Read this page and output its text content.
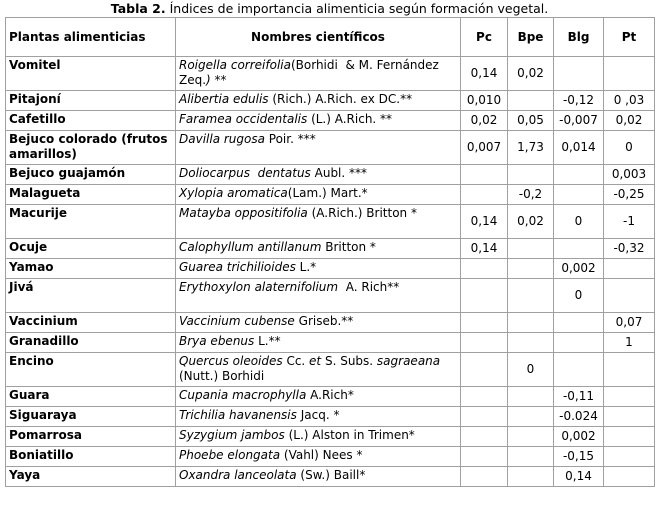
Tabla 2. Índices de importancia alimenticia según formación vegetal.
Plantas alimenticias	Nombres científicos	Pc	Bpe	Blg	Pt
Vomitel	Roigella correifolia(Borhidi  & M. Fernández Zeq.) **	0,14	0,02		
Pitajoní	Alibertia edulis (Rich.) A.Rich. ex DC.**	0,010		-0,12	0 ,03
Cafetillo	Faramea occidentalis (L.) A.Rich. **	0,02	0,05	-0,007	0,02
Bejuco colorado (frutos amarillos)	Davilla rugosa Poir. ***	0,007	1,73	0,014	0
Bejuco guajamón	Doliocarpus  dentatus Aubl. ***				0,003
Malagueta	Xylopia aromatica(Lam.) Mart.*		-0,2		-0,25
Macurije	Matayba oppositifolia (A.Rich.) Britton *	0,14	0,02	0	-1
Ocuje	Calophyllum antillanum Britton *	0,14			-0,32
Yamao	Guarea trichilioides L.*			0,002	
Jivá	Erythoxylon alaternifolium  A. Rich**			0	
Vaccinium	Vaccinium cubense Griseb.**				0,07
Granadillo	Brya ebenus L.**				1
Encino	Quercus oleoides Cc. et S. Subs. sagraeana (Nutt.) Borhidi		0		
Guara	Cupania macrophylla A.Rich*			-0,11	
Siguaraya	Trichilia havanensis Jacq. *			-0.024	
Pomarrosa	Syzygium jambos (L.) Alston in Trimen*			0,002	
Boniatillo	Phoebe elongata (Vahl) Nees *			-0,15	
Yaya	Oxandra lanceolata (Sw.) Baill*			0,14	
